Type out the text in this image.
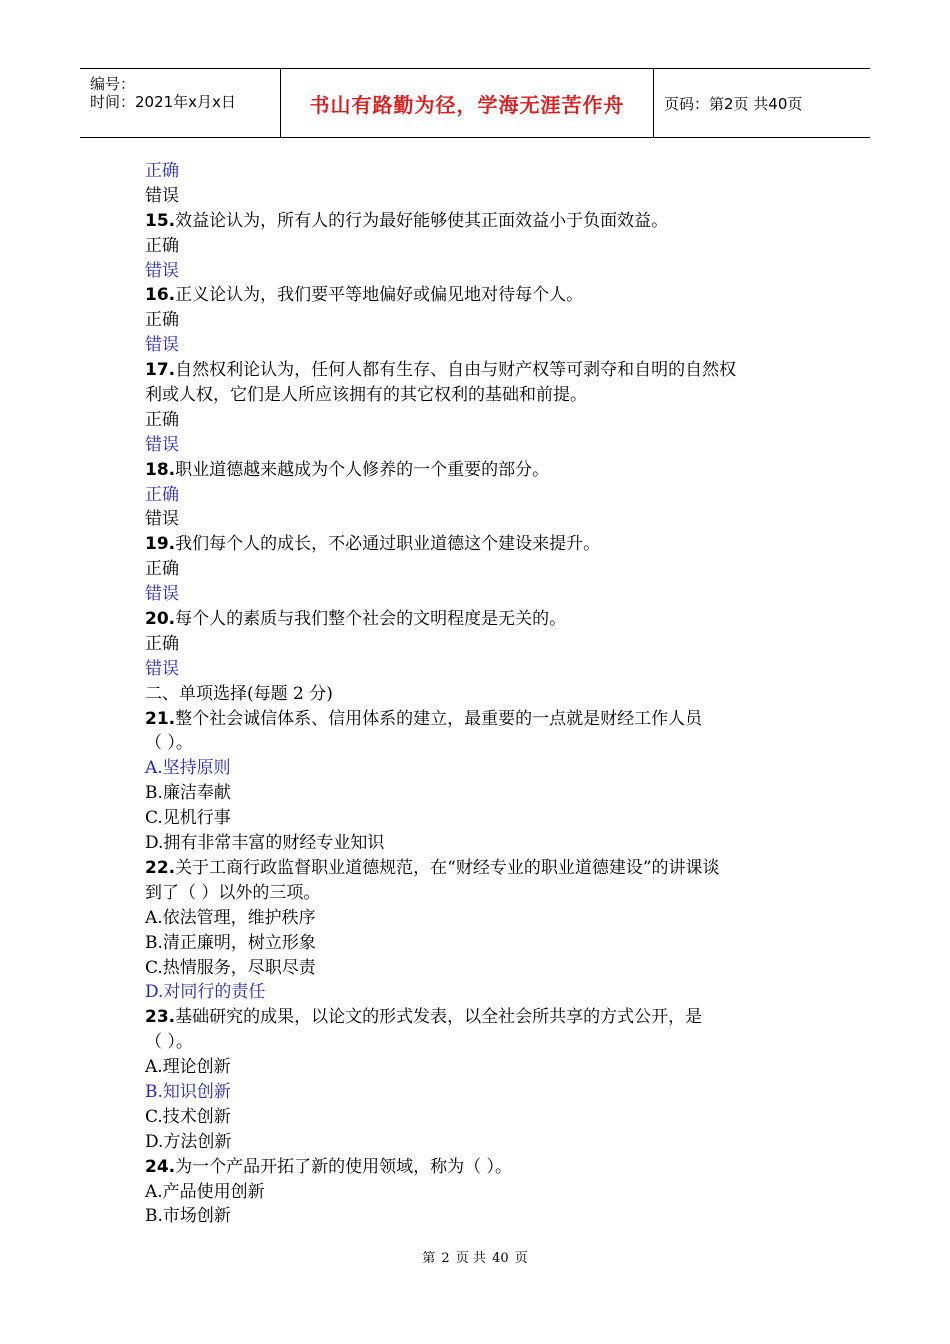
编号：
时间：2021年x月x日	书山有路勤为径，学海无涯苦作舟	页码：第2页 共40页
正确
错误
15.效益论认为，所有人的行为最好能够使其正面效益小于负面效益。
正确
错误
16.正义论认为，我们要平等地偏好或偏见地对待每个人。
正确
错误
17.自然权利论认为，任何人都有生存、自由与财产权等可剥夺和自明的自然权
利或人权，它们是人所应该拥有的其它权利的基础和前提。
正确
错误
18.职业道德越来越成为个人修养的一个重要的部分。
正确
错误
19.我们每个人的成长，不必通过职业道德这个建设来提升。
正确
错误
20.每个人的素质与我们整个社会的文明程度是无关的。
正确
错误
二、单项选择(每题 2 分)
21.整个社会诚信体系、信用体系的建立，最重要的一点就是财经工作人员
（ ）。
A.坚持原则
B.廉洁奉献
C.见机行事
D.拥有非常丰富的财经专业知识
22.关于工商行政监督职业道德规范，在“财经专业的职业道德建设”的讲课谈
到了（ ）以外的三项。
A.依法管理，维护秩序
B.清正廉明，树立形象
C.热情服务，尽职尽责
D.对同行的责任
23.基础研究的成果，以论文的形式发表，以全社会所共享的方式公开，是
（ ）。
A.理论创新
B.知识创新
C.技术创新
D.方法创新
24.为一个产品开拓了新的使用领域，称为（ ）。
A.产品使用创新
B.市场创新
第 2 页 共 40 页
